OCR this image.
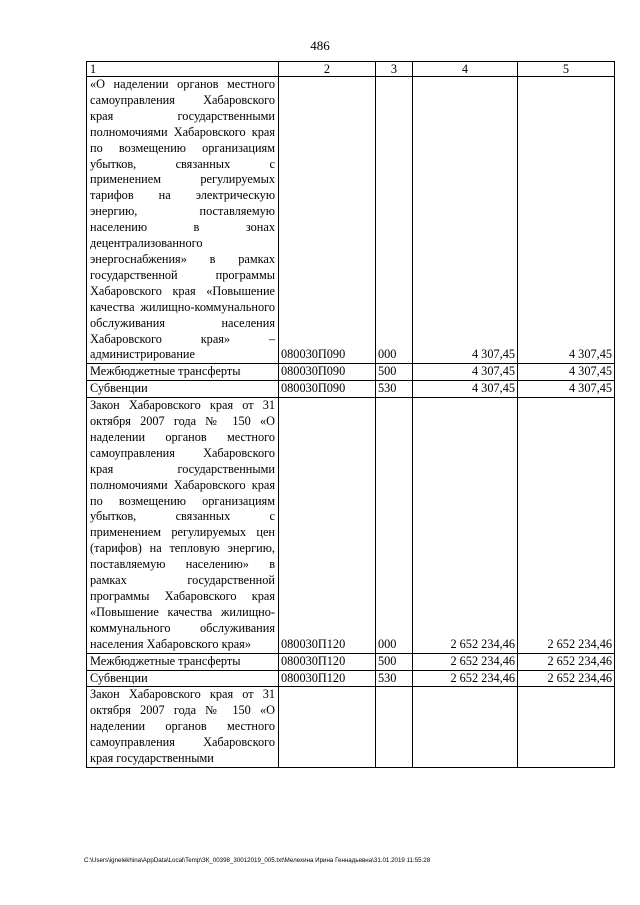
486
1	2	3	4	5
«О наделении органов местного самоуправления Хабаровского края государственными полномочиями Хабаровского края по возмещению организациям убытков, связанных с применением регулируемых тарифов на электрическую энергию, поставляемую населению в зонах децентрализованного энергоснабжения» в рамках государственной программы Хабаровского края «Повышение качества жилищно-коммунального обслуживания населения Хабаровского края» – администрирование	080030П090	000	4 307,45	4 307,45
Межбюджетные трансферты	080030П090	500	4 307,45	4 307,45
Субвенции	080030П090	530	4 307,45	4 307,45
Закон Хабаровского края от 31 октября 2007 года № 150 «О наделении органов местного самоуправления Хабаровского края государственными полномочиями Хабаровского края по возмещению организациям убытков, связанных с применением регулируемых цен (тарифов) на тепловую энергию, поставляемую населению» в рамках государственной программы Хабаровского края «Повышение качества жилищно-коммунального обслуживания населения Хабаровского края»	080030П120	000	2 652 234,46	2 652 234,46
Межбюджетные трансферты	080030П120	500	2 652 234,46	2 652 234,46
Субвенции	080030П120	530	2 652 234,46	2 652 234,46
Закон Хабаровского края от 31 октября 2007 года № 150 «О наделении органов местного самоуправления Хабаровского края государственными				
C:\Users\ignelekhina\AppData\Local\Temp\ЗК_00398_30012019_005.txt\Мелехина Ирина Геннадьевна\31.01.2019 11:55:28
